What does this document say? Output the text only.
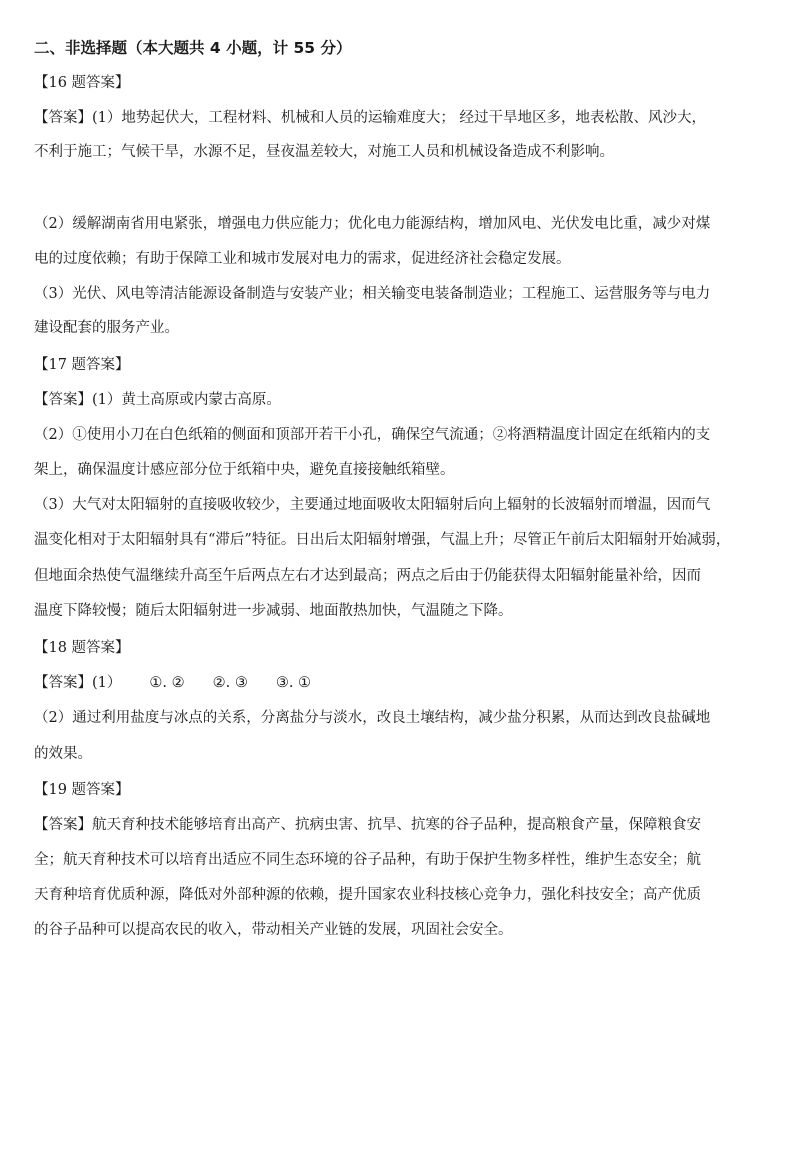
二、非选择题（本大题共 4 小题，计 55 分）
【16 题答案】
【答案】(1）地势起伏大，工程材料、机械和人员的运输难度大； 经过干旱地区多，地表松散、风沙大，
不利于施工；气候干旱，水源不足，昼夜温差较大，对施工人员和机械设备造成不利影响。
（2）缓解湖南省用电紧张，增强电力供应能力；优化电力能源结构，增加风电、光伏发电比重，减少对煤
电的过度依赖；有助于保障工业和城市发展对电力的需求，促进经济社会稳定发展。
（3）光伏、风电等清洁能源设备制造与安装产业；相关输变电装备制造业；工程施工、运营服务等与电力
建设配套的服务产业。
【17 题答案】
【答案】(1）黄土高原或内蒙古高原。
（2）①使用小刀在白色纸箱的侧面和顶部开若干小孔，确保空气流通；②将酒精温度计固定在纸箱内的支
架上，确保温度计感应部分位于纸箱中央，避免直接接触纸箱壁。
（3）大气对太阳辐射的直接吸收较少，主要通过地面吸收太阳辐射后向上辐射的长波辐射而增温，因而气
温变化相对于太阳辐射具有“滞后”特征。日出后太阳辐射增强，气温上升；尽管正午前后太阳辐射开始减弱，
但地面余热使气温继续升高至午后两点左右才达到最高；两点之后由于仍能获得太阳辐射能量补给，因而
温度下降较慢；随后太阳辐射进一步减弱、地面散热加快，气温随之下降。
【18 题答案】
【答案】(1） ①. ② ②. ③ ③. ①
（2）通过利用盐度与冰点的关系，分离盐分与淡水，改良土壤结构，减少盐分积累，从而达到改良盐碱地
的效果。
【19 题答案】
【答案】航天育种技术能够培育出高产、抗病虫害、抗旱、抗寒的谷子品种，提高粮食产量，保障粮食安
全；航天育种技术可以培育出适应不同生态环境的谷子品种，有助于保护生物多样性，维护生态安全；航
天育种培育优质种源，降低对外部种源的依赖，提升国家农业科技核心竞争力，强化科技安全；高产优质
的谷子品种可以提高农民的收入，带动相关产业链的发展，巩固社会安全。
